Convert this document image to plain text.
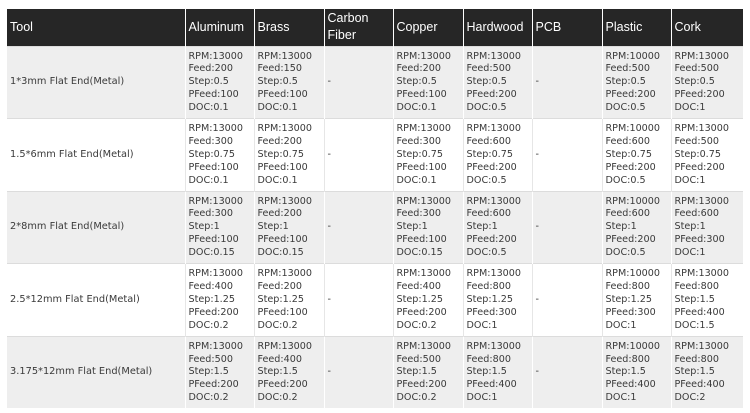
Tool	Aluminum	Brass	Carbon Fiber	Copper	Hardwood	PCB	Plastic	Cork
1*3mm Flat End(Metal)	RPM:13000
Feed:200
Step:0.5
PFeed:100
DOC:0.1	RPM:13000
Feed:150
Step:0.5
PFeed:100
DOC:0.1	-	RPM:13000
Feed:200
Step:0.5
PFeed:100
DOC:0.1	RPM:13000
Feed:500
Step:0.5
PFeed:200
DOC:0.5	-	RPM:10000
Feed:500
Step:0.5
PFeed:200
DOC:0.5	RPM:13000
Feed:500
Step:0.5
PFeed:200
DOC:1

1.5*6mm Flat End(Metal)	RPM:13000
Feed:300
Step:0.75
PFeed:100
DOC:0.1	RPM:13000
Feed:200
Step:0.75
PFeed:100
DOC:0.1	-	RPM:13000
Feed:300
Step:0.75
PFeed:100
DOC:0.1	RPM:13000
Feed:600
Step:0.75
PFeed:200
DOC:0.5	-	RPM:10000
Feed:600
Step:0.75
PFeed:200
DOC:0.5	RPM:13000
Feed:500
Step:0.75
PFeed:200
DOC:1

2*8mm Flat End(Metal)	RPM:13000
Feed:300
Step:1
PFeed:100
DOC:0.15	RPM:13000
Feed:200
Step:1
PFeed:100
DOC:0.15	-	RPM:13000
Feed:300
Step:1
PFeed:100
DOC:0.15	RPM:13000
Feed:600
Step:1
PFeed:200
DOC:0.5	-	RPM:10000
Feed:600
Step:1
PFeed:200
DOC:0.5	RPM:13000
Feed:600
Step:1
PFeed:300
DOC:1

2.5*12mm Flat End(Metal)	RPM:13000
Feed:400
Step:1.25
PFeed:200
DOC:0.2	RPM:13000
Feed:200
Step:1.25
PFeed:100
DOC:0.2	-	RPM:13000
Feed:400
Step:1.25
PFeed:200
DOC:0.2	RPM:13000
Feed:800
Step:1.25
PFeed:300
DOC:1	-	RPM:10000
Feed:800
Step:1.25
PFeed:300
DOC:1	RPM:13000
Feed:800
Step:1.5
PFeed:400
DOC:1.5

3.175*12mm Flat End(Metal)	RPM:13000
Feed:500
Step:1.5
PFeed:200
DOC:0.2	RPM:13000
Feed:400
Step:1.5
PFeed:200
DOC:0.2	-	RPM:13000
Feed:500
Step:1.5
PFeed:200
DOC:0.2	RPM:13000
Feed:800
Step:1.5
PFeed:400
DOC:1	-	RPM:10000
Feed:800
Step:1.5
PFeed:400
DOC:1	RPM:13000
Feed:800
Step:1.5
PFeed:400
DOC:2
